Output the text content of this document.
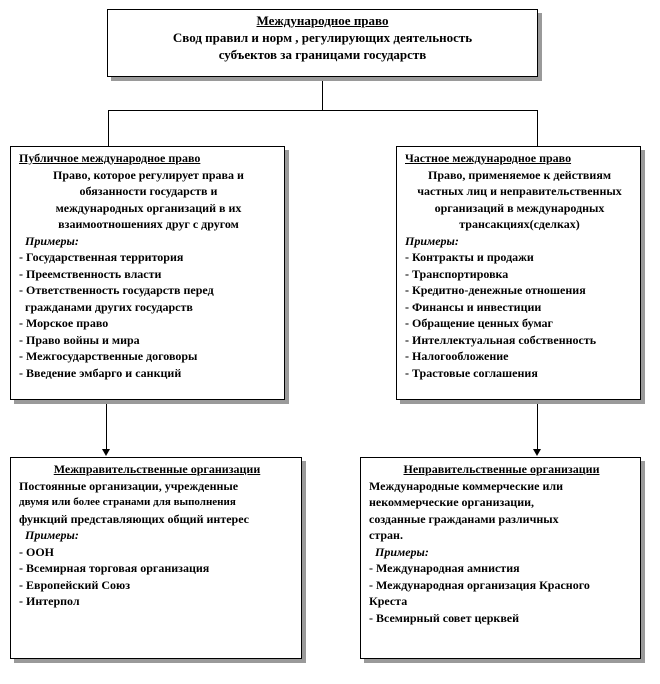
Международное право

Свод правил и норм , регулирующих деятельность

субъектов за границами государств

Публичное международное право

Право, которое регулирует права и

обязанности государств и

международных организаций в их

взаимоотношениях друг с другом

Примеры:

- Государственная территория

- Преемственность власти

- Ответственность государств перед

гражданами других государств

- Морское право

- Право войны и мира

- Межгосударственные договоры

- Введение эмбарго и санкций

Частное международное право

Право, применяемое к действиям

частных лиц и неправительственных

организаций в международных

трансакциях(сделках)

Примеры:

- Контракты и продажи

- Транспортировка

- Кредитно-денежные отношения

- Финансы и инвестиции

- Обращение ценных бумаг

- Интеллектуальная собственность

- Налогообложение

- Трастовые соглашения

Межправительственные организации

Постоянные организации, учрежденные

двумя или более странами для выполнения

функций представляющих общий интерес

Примеры:

- ООН

- Всемирная торговая организация

- Европейский Союз

- Интерпол

Неправительственные организации

Международные коммерческие или

некоммерческие организации,

созданные гражданами различных

стран.

Примеры:

- Международная амнистия

- Международная организация Красного

Креста

- Всемирный совет церквей
